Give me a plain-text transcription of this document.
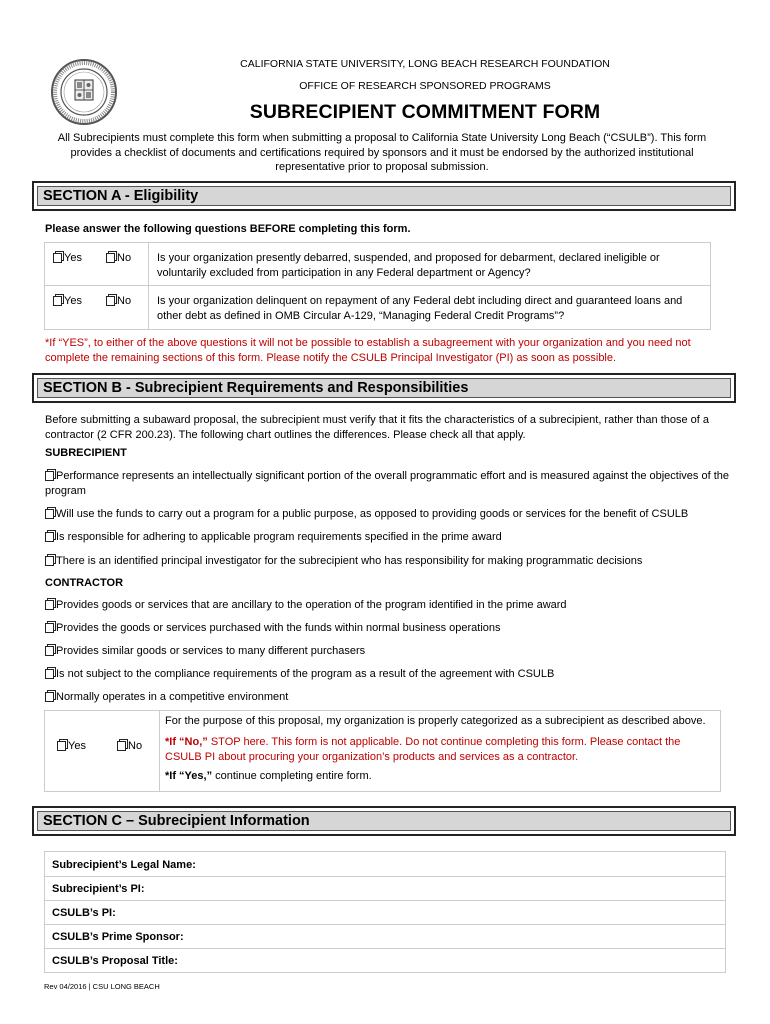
CALIFORNIA STATE UNIVERSITY, LONG BEACH RESEARCH FOUNDATION
OFFICE OF RESEARCH SPONSORED PROGRAMS
SUBRECIPIENT COMMITMENT FORM
All Subrecipients must complete this form when submitting a proposal to California State University Long Beach (“CSULB”). This form provides a checklist of documents and certifications required by sponsors and it must be endorsed by the authorized institutional representative prior to proposal submission.
SECTION A - Eligibility
Please answer the following questions BEFORE completing this form.
Yes	No Is your organization presently debarred, suspended, and proposed for debarment, declared ineligible or voluntarily excluded from participation in any Federal department or Agency?
Yes	No Is your organization delinquent on repayment of any Federal debt including direct and guaranteed loans and other debt as defined in OMB Circular A-129, “Managing Federal Credit Programs”?
*If “YES”, to either of the above questions it will not be possible to establish a subagreement with your organization and you need not complete the remaining sections of this form. Please notify the CSULB Principal Investigator (PI) as soon as possible.
SECTION B - Subrecipient Requirements and Responsibilities
Before submitting a subaward proposal, the subrecipient must verify that it fits the characteristics of a subrecipient, rather than those of a contractor (2 CFR 200.23). The following chart outlines the differences. Please check all that apply.
SUBRECIPIENT
Performance represents an intellectually significant portion of the overall programmatic effort and is measured against the objectives of the program
Will use the funds to carry out a program for a public purpose, as opposed to providing goods or services for the benefit of CSULB
Is responsible for adhering to applicable program requirements specified in the prime award
There is an identified principal investigator for the subrecipient who has responsibility for making programmatic decisions
CONTRACTOR
Provides goods or services that are ancillary to the operation of the program identified in the prime award
Provides the goods or services purchased with the funds within normal business operations
Provides similar goods or services to many different purchasers
Is not subject to the compliance requirements of the program as a result of the agreement with CSULB
Normally operates in a competitive environment
Yes	No
For the purpose of this proposal, my organization is properly categorized as a subrecipient as described above.
*If “No,” STOP here. This form is not applicable. Do not continue completing this form. Please contact the CSULB PI about procuring your organization’s products and services as a contractor.
*If “Yes,” continue completing entire form.
SECTION C – Subrecipient Information
Subrecipient’s Legal Name:
Subrecipient’s PI:
CSULB’s PI:
CSULB’s Prime Sponsor:
CSULB’s Proposal Title:
Rev 04/2016 | CSU LONG BEACH
